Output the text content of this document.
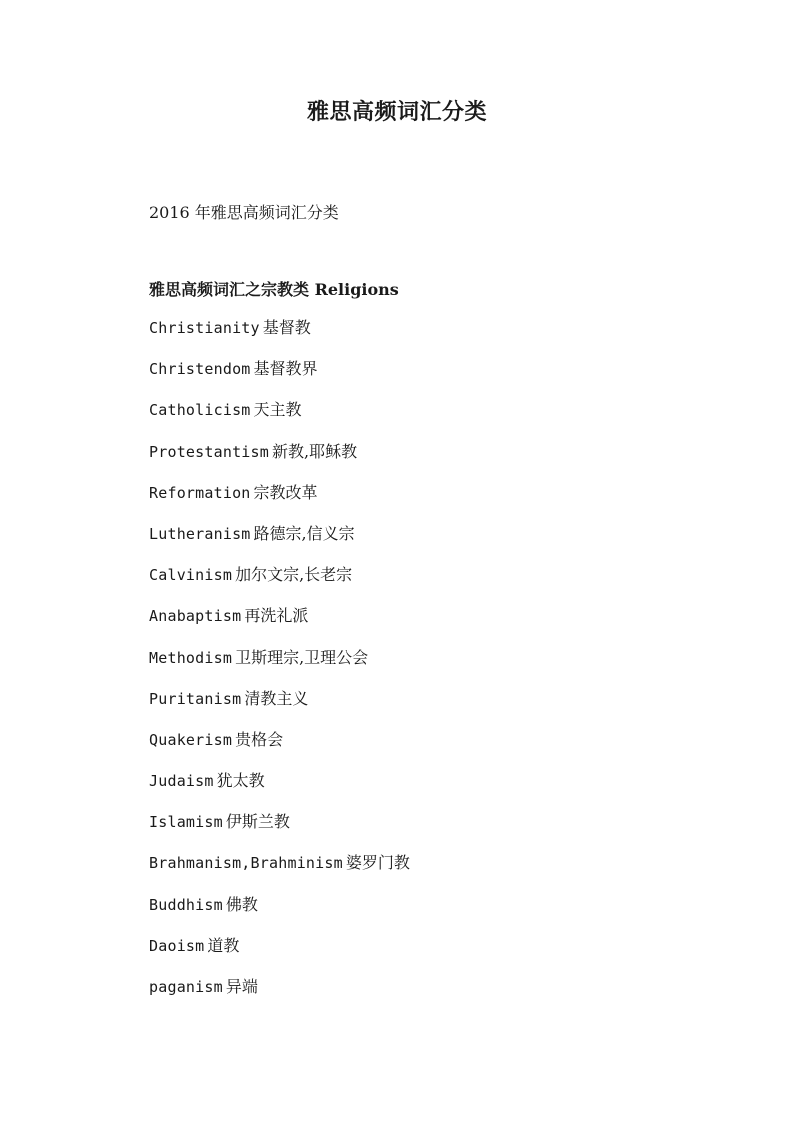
雅思高频词汇分类
2016 年雅思高频词汇分类
雅思高频词汇之宗教类 Religions
Christianity 基督教
Christendom 基督教界
Catholicism 天主教
Protestantism 新教,耶稣教
Reformation 宗教改革
Lutheranism 路德宗,信义宗
Calvinism 加尔文宗,长老宗
Anabaptism 再洗礼派
Methodism 卫斯理宗,卫理公会
Puritanism 清教主义
Quakerism 贵格会
Judaism 犹太教
Islamism 伊斯兰教
Brahmanism,Brahminism 婆罗门教
Buddhism 佛教
Daoism 道教
paganism 异端
